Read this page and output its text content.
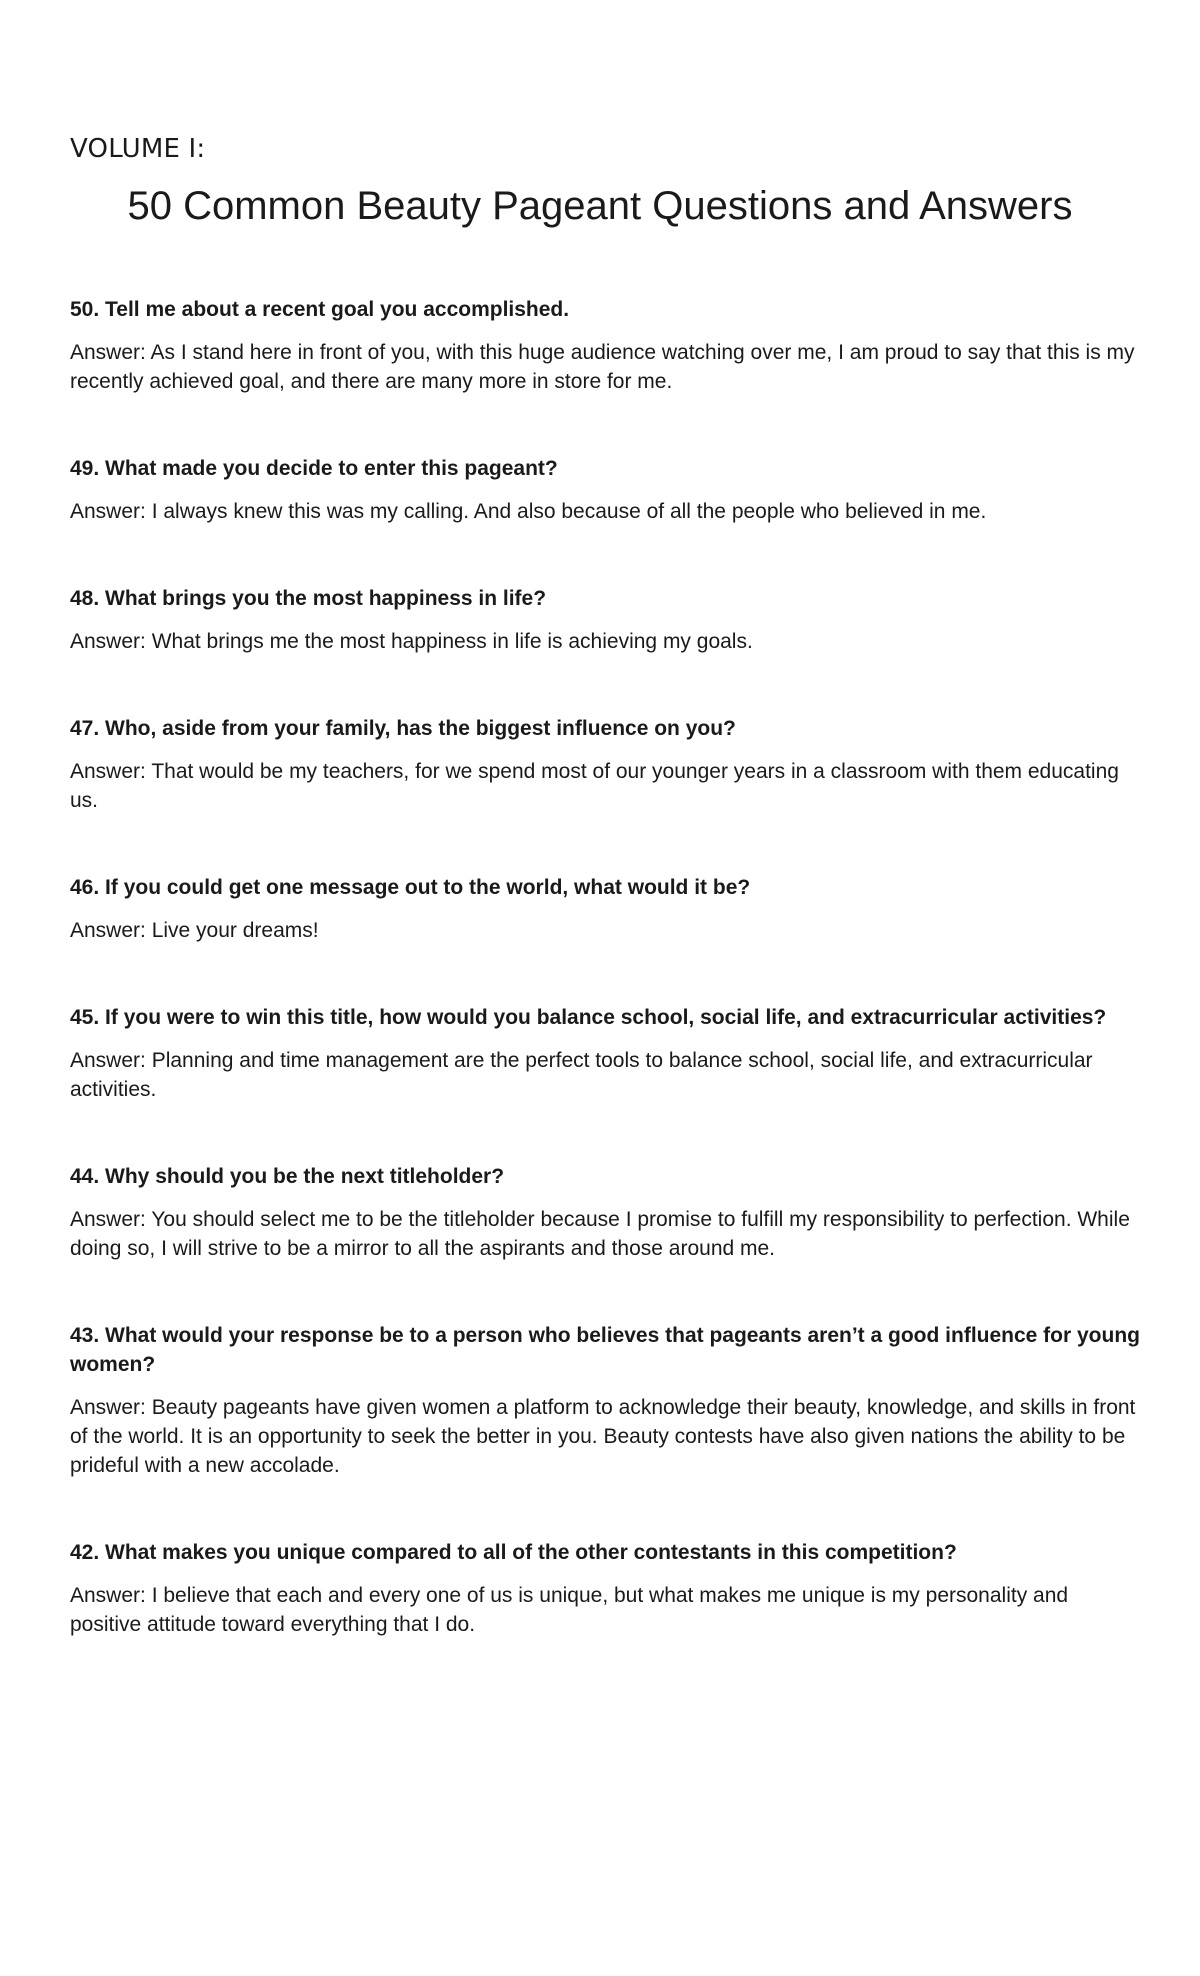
VOLUME I:
50 Common Beauty Pageant Questions and Answers

50. Tell me about a recent goal you accomplished.

Answer: As I stand here in front of you, with this huge audience watching over me, I am proud to say that this is my recently achieved goal, and there are many more in store for me.

49. What made you decide to enter this pageant?

Answer: I always knew this was my calling. And also because of all the people who believed in me.

48. What brings you the most happiness in life?

Answer: What brings me the most happiness in life is achieving my goals.

47. Who, aside from your family, has the biggest influence on you?

Answer: That would be my teachers, for we spend most of our younger years in a classroom with them educating us.

46. If you could get one message out to the world, what would it be?

Answer: Live your dreams!

45. If you were to win this title, how would you balance school, social life, and extracurricular activities?

Answer: Planning and time management are the perfect tools to balance school, social life, and extracurricular activities.

44. Why should you be the next titleholder?

Answer: You should select me to be the titleholder because I promise to fulfill my responsibility to perfection. While doing so, I will strive to be a mirror to all the aspirants and those around me.

43. What would your response be to a person who believes that pageants aren’t a good influence for young women?

Answer: Beauty pageants have given women a platform to acknowledge their beauty, knowledge, and skills in front of the world. It is an opportunity to seek the better in you. Beauty contests have also given nations the ability to be prideful with a new accolade.

42. What makes you unique compared to all of the other contestants in this competition?

Answer: I believe that each and every one of us is unique, but what makes me unique is my personality and positive attitude toward everything that I do.
